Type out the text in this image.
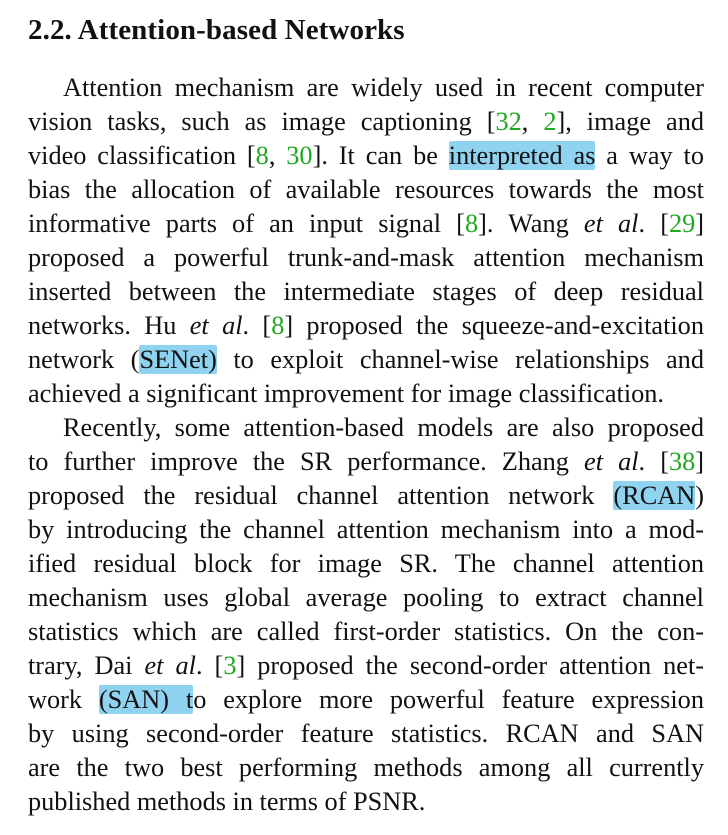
2.2. Attention-based Networks
Attention mechanism are widely used in recent computer
vision tasks, such as image captioning [32, 2], image and
video classification [8, 30]. It can be interpreted as a way to
bias the allocation of available resources towards the most
informative parts of an input signal [8]. Wang et al. [29]
proposed a powerful trunk-and-mask attention mechanism
inserted between the intermediate stages of deep residual
networks. Hu et al. [8] proposed the squeeze-and-excitation
network (SENet) to exploit channel-wise relationships and
achieved a significant improvement for image classification.
Recently, some attention-based models are also proposed
to further improve the SR performance. Zhang et al. [38]
proposed the residual channel attention network (RCAN)
by introducing the channel attention mechanism into a mod-
ified residual block for image SR. The channel attention
mechanism uses global average pooling to extract channel
statistics which are called first-order statistics. On the con-
trary, Dai et al. [3] proposed the second-order attention net-
work (SAN) to explore more powerful feature expression
by using second-order feature statistics. RCAN and SAN
are the two best performing methods among all currently
published methods in terms of PSNR.
